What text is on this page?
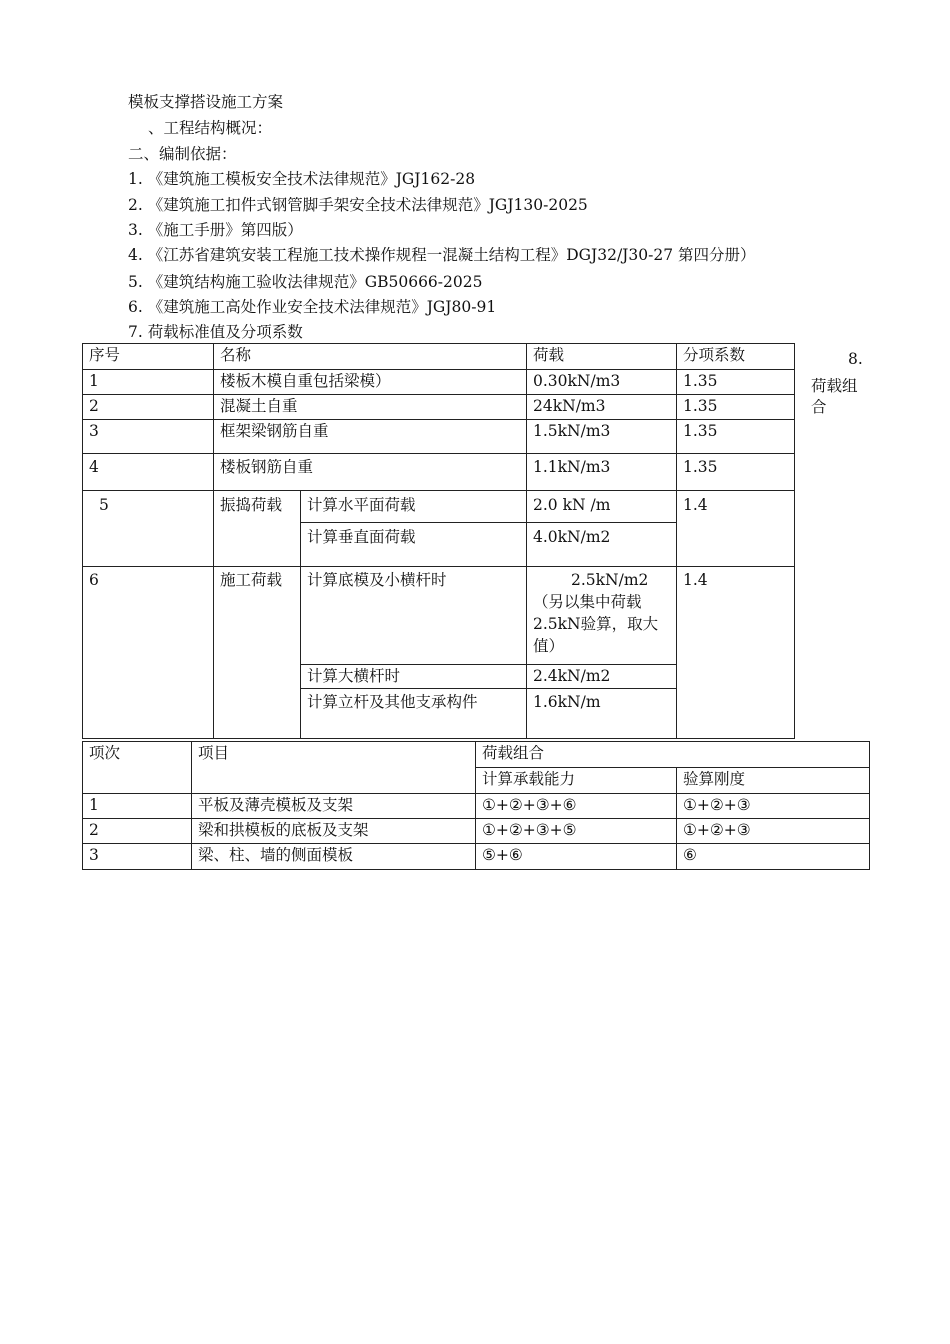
模板支撑搭设施工方案
、工程结构概况：
二、编制依据：
1. 《建筑施工模板安全技术法律规范》JGJ162-28
2. 《建筑施工扣件式钢管脚手架安全技术法律规范》JGJ130-2025
3. 《施工手册》第四版）
4. 《江苏省建筑安装工程施工技术操作规程一混凝土结构工程》DGJ32/J30-27 第四分册）
5. 《建筑结构施工验收法律规范》GB50666-2025
6. 《建筑施工高处作业安全技术法律规范》JGJ80-91
7. 荷载标准值及分项系数
8.
荷载组合
序号	名称		荷载	分项系数
1	楼板木模自重包括梁模）		0.30kN/m3	1.35
2	混凝土自重		24kN/m3	1.35
3	框架梁钢筋自重		1.5kN/m3	1.35
4	楼板钢筋自重		1.1kN/m3	1.35
5	振捣荷载	计算水平面荷载	2.0 kN /m	1.4
		计算垂直面荷载	4.0kN/m2	
6	施工荷载	计算底模及小横杆时	2.5kN/m2 （另以集中荷载2.5kN验算，取大值）	1.4
		计算大横杆时	2.4kN/m2	
		计算立杆及其他支承构件	1.6kN/m	
项次	项目	荷载组合	
		计算承载能力	验算刚度
1	平板及薄壳模板及支架	①+②+③+⑥	①+②+③
2	梁和拱模板的底板及支架	①+②+③+⑤	①+②+③
3	梁、柱、墙的侧面模板	⑤+⑥	⑥
